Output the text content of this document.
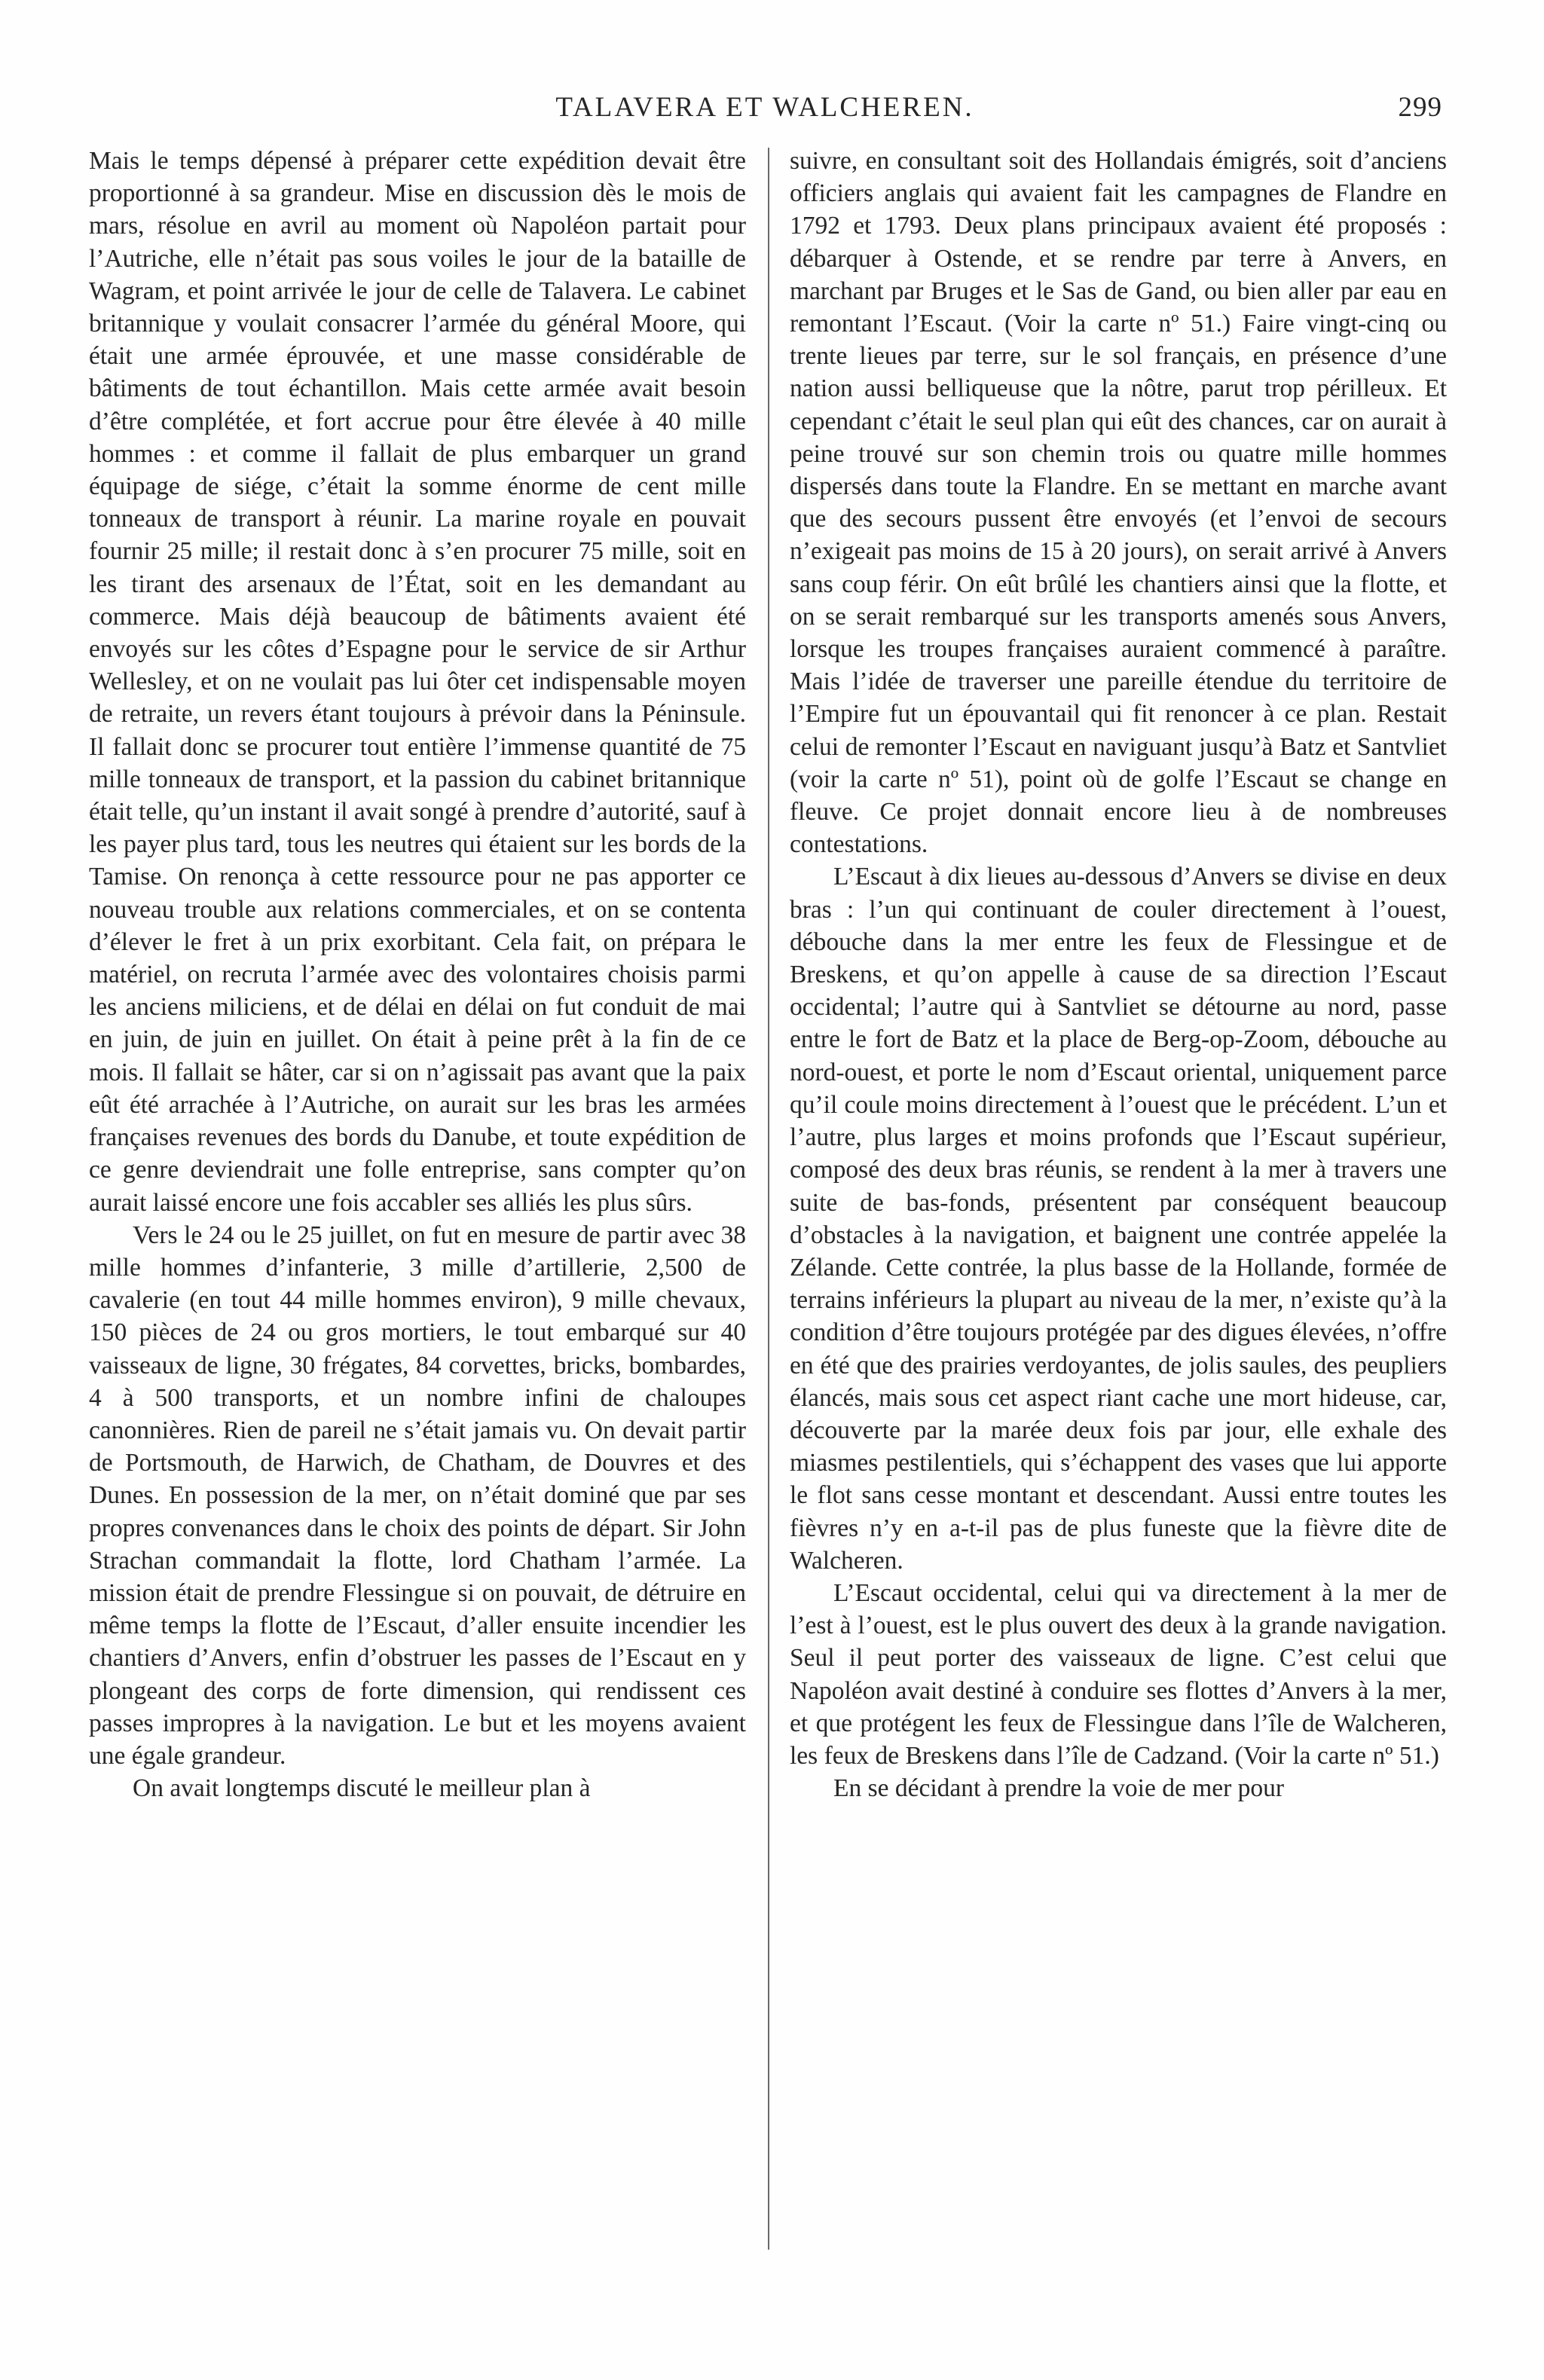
TALAVERA ET WALCHEREN.	299

Mais le temps dépensé à préparer cette expédition devait être proportionné à sa grandeur. Mise en discussion dès le mois de mars, résolue en avril au moment où Napoléon partait pour l’Autriche, elle n’était pas sous voiles le jour de la bataille de Wagram, et point arrivée le jour de celle de Talavera. Le cabinet britannique y voulait consacrer l’armée du général Moore, qui était une armée éprouvée, et une masse considérable de bâtiments de tout échantillon. Mais cette armée avait besoin d’être complétée, et fort accrue pour être élevée à 40 mille hommes : et comme il fallait de plus embarquer un grand équipage de siége, c’était la somme énorme de cent mille tonneaux de transport à réunir. La marine royale en pouvait fournir 25 mille; il restait donc à s’en procurer 75 mille, soit en les tirant des arsenaux de l’État, soit en les demandant au commerce. Mais déjà beaucoup de bâtiments avaient été envoyés sur les côtes d’Espagne pour le service de sir Arthur Wellesley, et on ne voulait pas lui ôter cet indispensable moyen de retraite, un revers étant toujours à prévoir dans la Péninsule. Il fallait donc se procurer tout entière l’immense quantité de 75 mille tonneaux de transport, et la passion du cabinet britannique était telle, qu’un instant il avait songé à prendre d’autorité, sauf à les payer plus tard, tous les neutres qui étaient sur les bords de la Tamise. On renonça à cette ressource pour ne pas apporter ce nouveau trouble aux relations commerciales, et on se contenta d’élever le fret à un prix exorbitant. Cela fait, on prépara le matériel, on recruta l’armée avec des volontaires choisis parmi les anciens miliciens, et de délai en délai on fut conduit de mai en juin, de juin en juillet. On était à peine prêt à la fin de ce mois. Il fallait se hâter, car si on n’agissait pas avant que la paix eût été arrachée à l’Autriche, on aurait sur les bras les armées françaises revenues des bords du Danube, et toute expédition de ce genre deviendrait une folle entreprise, sans compter qu’on aurait laissé encore une fois accabler ses alliés les plus sûrs.

Vers le 24 ou le 25 juillet, on fut en mesure de partir avec 38 mille hommes d’infanterie, 3 mille d’artillerie, 2,500 de cavalerie (en tout 44 mille hommes environ), 9 mille chevaux, 150 pièces de 24 ou gros mortiers, le tout embarqué sur 40 vaisseaux de ligne, 30 frégates, 84 corvettes, bricks, bombardes, 4 à 500 transports, et un nombre infini de chaloupes canonnières. Rien de pareil ne s’était jamais vu. On devait partir de Portsmouth, de Harwich, de Chatham, de Douvres et des Dunes. En possession de la mer, on n’était dominé que par ses propres convenances dans le choix des points de départ. Sir John Strachan commandait la flotte, lord Chatham l’armée. La mission était de prendre Flessingue si on pouvait, de détruire en même temps la flotte de l’Escaut, d’aller ensuite incendier les chantiers d’Anvers, enfin d’obstruer les passes de l’Escaut en y plongeant des corps de forte dimension, qui rendissent ces passes impropres à la navigation. Le but et les moyens avaient une égale grandeur.

On avait longtemps discuté le meilleur plan à

suivre, en consultant soit des Hollandais émigrés, soit d’anciens officiers anglais qui avaient fait les campagnes de Flandre en 1792 et 1793. Deux plans principaux avaient été proposés : débarquer à Ostende, et se rendre par terre à Anvers, en marchant par Bruges et le Sas de Gand, ou bien aller par eau en remontant l’Escaut. (Voir la carte nº 51.) Faire vingt-cinq ou trente lieues par terre, sur le sol français, en présence d’une nation aussi belliqueuse que la nôtre, parut trop périlleux. Et cependant c’était le seul plan qui eût des chances, car on aurait à peine trouvé sur son chemin trois ou quatre mille hommes dispersés dans toute la Flandre. En se mettant en marche avant que des secours pussent être envoyés (et l’envoi de secours n’exigeait pas moins de 15 à 20 jours), on serait arrivé à Anvers sans coup férir. On eût brûlé les chantiers ainsi que la flotte, et on se serait rembarqué sur les transports amenés sous Anvers, lorsque les troupes françaises auraient commencé à paraître. Mais l’idée de traverser une pareille étendue du territoire de l’Empire fut un épouvantail qui fit renoncer à ce plan. Restait celui de remonter l’Escaut en naviguant jusqu’à Batz et Santvliet (voir la carte nº 51), point où de golfe l’Escaut se change en fleuve. Ce projet donnait encore lieu à de nombreuses contestations.

L’Escaut à dix lieues au-dessous d’Anvers se divise en deux bras : l’un qui continuant de couler directement à l’ouest, débouche dans la mer entre les feux de Flessingue et de Breskens, et qu’on appelle à cause de sa direction l’Escaut occidental; l’autre qui à Santvliet se détourne au nord, passe entre le fort de Batz et la place de Berg-op-Zoom, débouche au nord-ouest, et porte le nom d’Escaut oriental, uniquement parce qu’il coule moins directement à l’ouest que le précédent. L’un et l’autre, plus larges et moins profonds que l’Escaut supérieur, composé des deux bras réunis, se rendent à la mer à travers une suite de bas-fonds, présentent par conséquent beaucoup d’obstacles à la navigation, et baignent une contrée appelée la Zélande. Cette contrée, la plus basse de la Hollande, formée de terrains inférieurs la plupart au niveau de la mer, n’existe qu’à la condition d’être toujours protégée par des digues élevées, n’offre en été que des prairies verdoyantes, de jolis saules, des peupliers élancés, mais sous cet aspect riant cache une mort hideuse, car, découverte par la marée deux fois par jour, elle exhale des miasmes pestilentiels, qui s’échappent des vases que lui apporte le flot sans cesse montant et descendant. Aussi entre toutes les fièvres n’y en a-t-il pas de plus funeste que la fièvre dite de Walcheren.

L’Escaut occidental, celui qui va directement à la mer de l’est à l’ouest, est le plus ouvert des deux à la grande navigation. Seul il peut porter des vaisseaux de ligne. C’est celui que Napoléon avait destiné à conduire ses flottes d’Anvers à la mer, et que protégent les feux de Flessingue dans l’île de Walcheren, les feux de Breskens dans l’île de Cadzand. (Voir la carte nº 51.)

En se décidant à prendre la voie de mer pour
